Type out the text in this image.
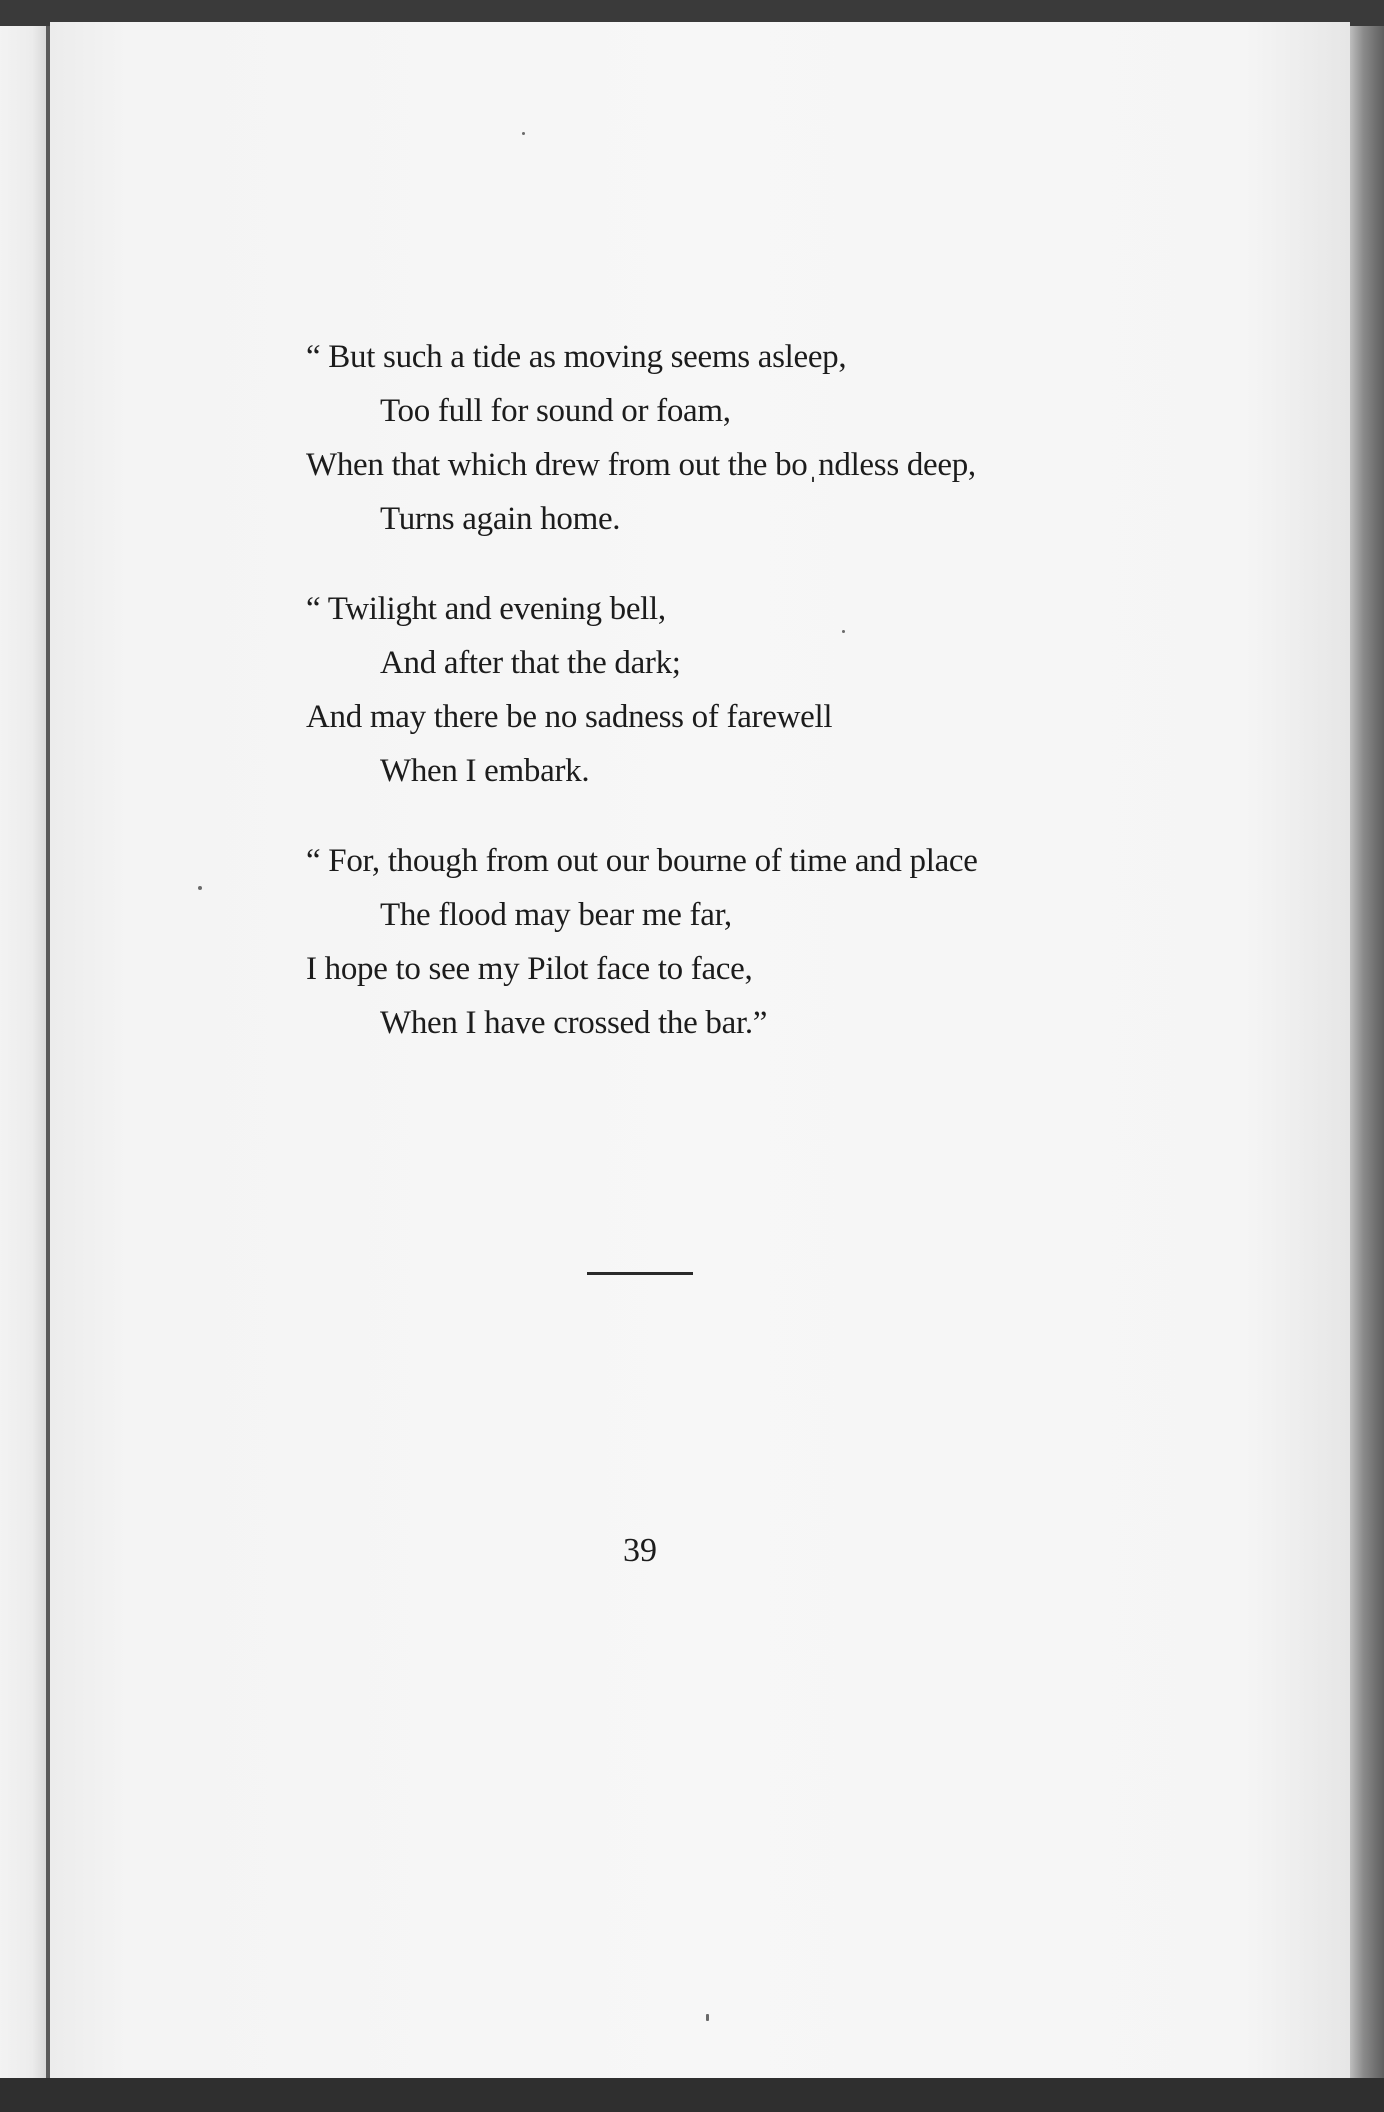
“ But such a tide as moving seems asleep,
Too full for sound or foam,
When that which drew from out the boˌndless deep,
Turns again home.
“ Twilight and evening bell,
And after that the dark;
And may there be no sadness of farewell
When I embark.
“ For, though from out our bourne of time and place
The flood may bear me far,
I hope to see my Pilot face to face,
When I have crossed the bar.”
39
